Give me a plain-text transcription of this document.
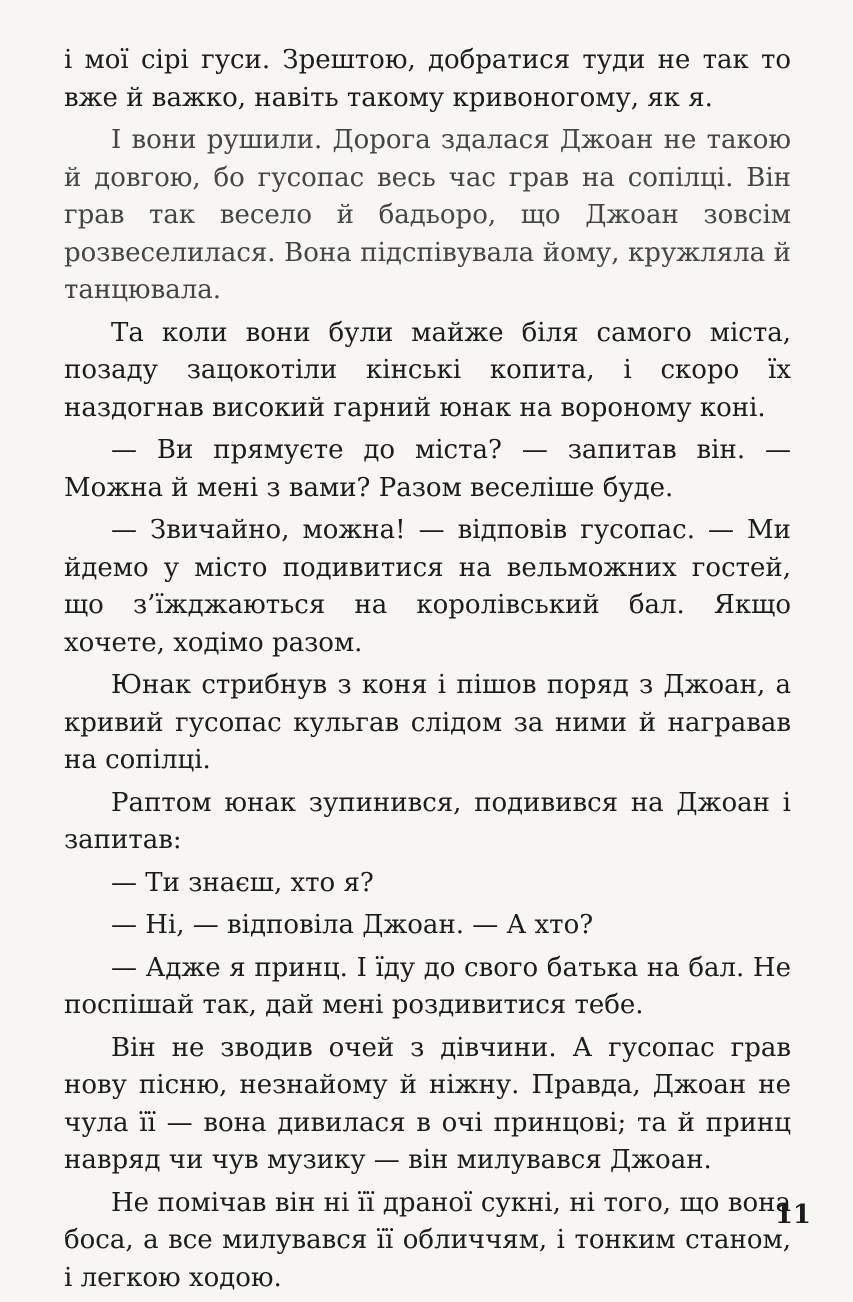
і мої сірі гуси. Зрештою, добратися туди не так то вже й важко, навіть такому кривоногому, як я.

І вони рушили. Дорога здалася Джоан не такою й довгою, бо гусопас весь час грав на сопілці. Він грав так весело й бадьоро, що Джоан зовсім розвеселилася. Вона підспівувала йому, кружляла й танцювала.

Та коли вони були майже біля самого міста, позаду зацокотіли кінські копита, і скоро їх наздогнав високий гарний юнак на вороному коні.

— Ви прямуєте до міста? — запитав він. — Можна й мені з вами? Разом веселіше буде.

— Звичайно, можна! — відповів гусопас. — Ми йдемо у місто подивитися на вельможних гостей, що з’їжджаються на королівський бал. Якщо хочете, ходімо разом.

Юнак стрибнув з коня і пішов поряд з Джоан, а кривий гусопас кульгав слідом за ними й награвав на сопілці.

Раптом юнак зупинився, подивився на Джоан і запитав:

— Ти знаєш, хто я?

— Ні, — відповіла Джоан. — А хто?

— Адже я принц. І їду до свого батька на бал. Не поспішай так, дай мені роздивитися тебе.

Він не зводив очей з дівчини. А гусопас грав нову пісню, незнайому й ніжну. Правда, Джоан не чула її — вона дивилася в очі принцові; та й принц навряд чи чув музику — він милувався Джоан.

Не помічав він ні її драної сукні, ні того, що вона боса, а все милувався її обличчям, і тонким станом, і легкою ходою.

11
